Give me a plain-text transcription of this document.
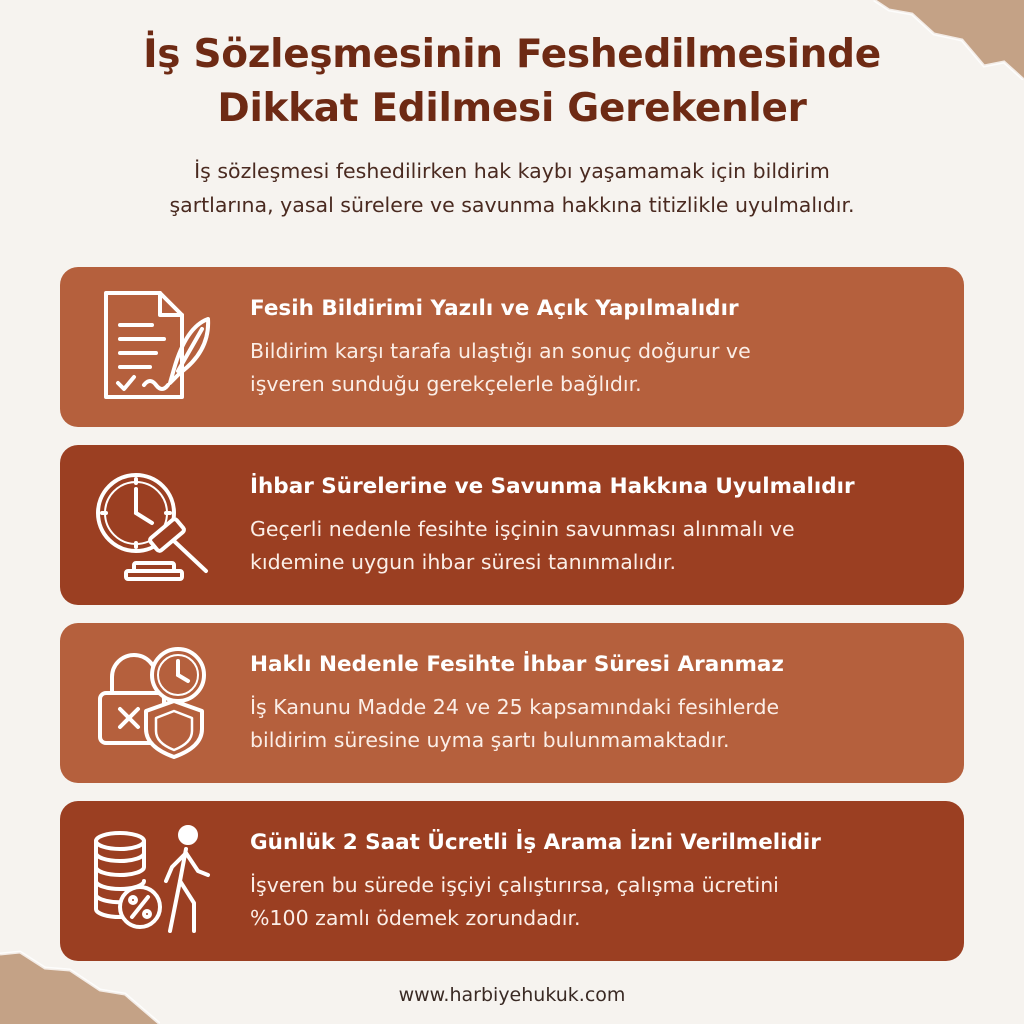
İş Sözleşmesinin Feshedilmesinde
Dikkat Edilmesi Gerekenler
İş sözleşmesi feshedilirken hak kaybı yaşamamak için bildirim
şartlarına, yasal sürelere ve savunma hakkına titizlikle uyulmalıdır.
Fesih Bildirimi Yazılı ve Açık Yapılmalıdır
Bildirim karşı tarafa ulaştığı an sonuç doğurur ve
işveren sunduğu gerekçelerle bağlıdır.
İhbar Sürelerine ve Savunma Hakkına Uyulmalıdır
Geçerli nedenle fesihte işçinin savunması alınmalı ve
kıdemine uygun ihbar süresi tanınmalıdır.
Haklı Nedenle Fesihte İhbar Süresi Aranmaz
İş Kanunu Madde 24 ve 25 kapsamındaki fesihlerde
bildirim süresine uyma şartı bulunmamaktadır.
Günlük 2 Saat Ücretli İş Arama İzni Verilmelidir
İşveren bu sürede işçiyi çalıştırırsa, çalışma ücretini
%100 zamlı ödemek zorundadır.
www.harbiyehukuk.com
